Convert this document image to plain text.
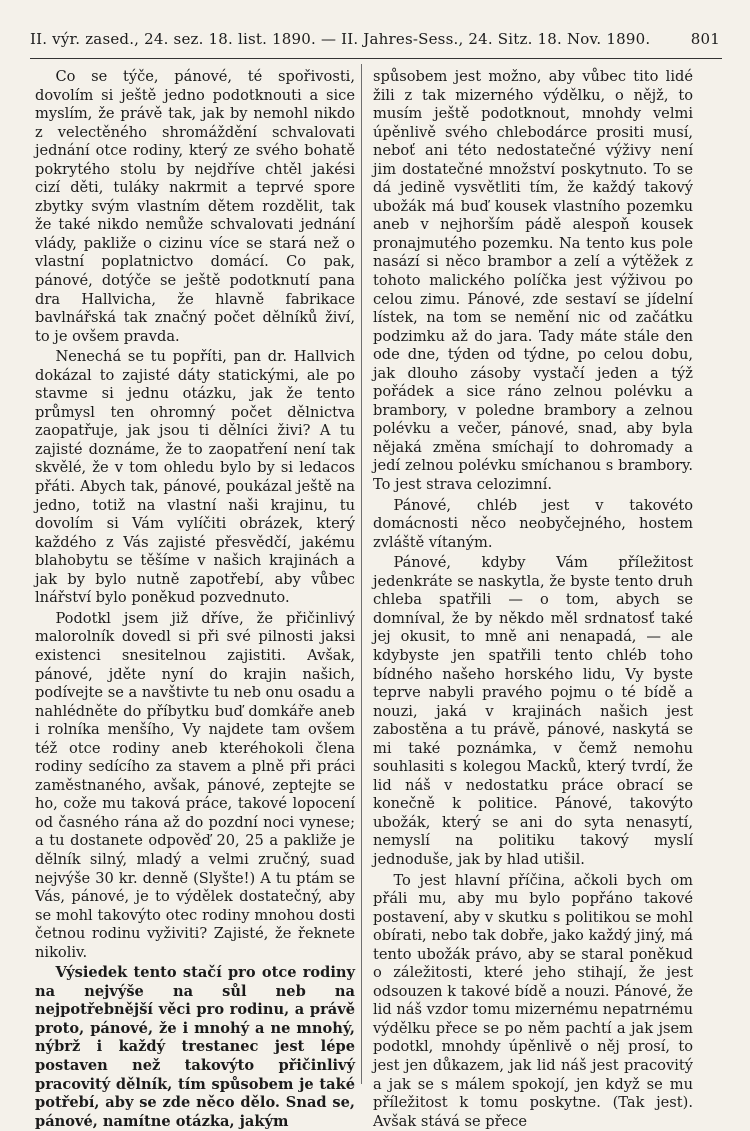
II. výr. zased., 24. sez. 18. list. 1890. — II. Jahres-Sess., 24. Sitz. 18. Nov. 1890.	801

Co se týče, pánové, té spořivosti, dovolím si ještě jedno podotknouti a sice myslím, že právě tak, jak by nemohl nikdo z velectěného shromáždění schvalovati jednání otce rodiny, který ze svého bohatě pokrytého stolu by nejdříve chtěl jakési cizí děti, tuláky nakrmit a teprvé spore zbytky svým vlastním dětem rozdělit, tak že také nikdo nemůže schvalovati jednání vlády, pakliže o cizinu více se stará než o vlastní poplatnictvo domácí. Co pak, pánové, dotýče se ještě podotknutí pana dra Hallvicha, že hlavně fabrikace bavlnářská tak značný počet dělníků živí, to je ovšem pravda.

Nenechá se tu popříti, pan dr. Hallvich dokázal to zajisté dáty statickými, ale po stavme si jednu otázku, jak že tento průmysl ten ohromný počet dělnictva zaopatřuje, jak jsou ti dělníci živi? A tu zajisté doznáme, že to zaopatření není tak skvělé, že v tom ohledu bylo by si ledacos přáti. Abych tak, pánové, poukázal ještě na jedno, totiž na vlastní naši krajinu, tu dovolím si Vám vylíčiti obrázek, který každého z Vás zajisté přesvědčí, jakému blahobytu se těšíme v našich krajinách a jak by bylo nutně zapotřebí, aby vůbec lnářství bylo poněkud pozvednuto.

Podotkl jsem již dříve, že přičinlivý malorolník dovedl si při své pilnosti jaksi existenci snesitelnou zajistiti. Avšak, pánové, jděte nyní do krajin našich, podívejte se a navštivte tu neb onu osadu a nahlédněte do příbytku buď domkáře aneb i rolníka menšího, Vy najdete tam ovšem též otce rodiny aneb kteréhokoli člena rodiny sedícího za stavem a plně při práci zaměstnaného, avšak, pánové, zeptejte se ho, cože mu taková práce, takové lopocení od časného rána až do pozdní noci vynese; a tu dostanete odpověď 20, 25 a pakliže je dělník silný, mladý a velmi zručný, suad nejvýše 30 kr. denně (Slyšte!) A tu ptám se Vás, pánové, je to výdělek dostatečný, aby se mohl takovýto otec rodiny mnohou dosti četnou rodinu vyživiti? Zajisté, že řeknete nikoliv.

Výsiedek tento stačí pro otce rodiny na nejvýše na sůl neb na nejpotřebnější věci pro rodinu, a právě proto, pánové, že i mnohý a ne mnohý, nýbrž i každý trestanec jest lépe postaven než takovýto přičinlivý pracovitý dělník, tím spůsobem je také potřebí, aby se zde něco dělo. Snad se, pánové, namítne otázka, jakým

spůsobem jest možno, aby vůbec tito lidé žili z tak mizerného výdělku, o nějž, to musím ještě podotknout, mnohdy velmi úpěnlivě svého chlebodárce prositi musí, neboť ani této nedostatečné výživy není jim dostatečné množství poskytnuto. To se dá jedině vysvětliti tím, že každý takový ubožák má buď kousek vlastního pozemku aneb v nejhorším pádě alespoň kousek pronajmutého pozemku. Na tento kus pole nasází si něco brambor a zelí a výtěžek z tohoto malického políčka jest výživou po celou zimu. Pánové, zde sestaví se jídelní lístek, na tom se nemění nic od začátku podzimku až do jara. Tady máte stále den ode dne, týden od týdne, po celou dobu, jak dlouho zásoby vystačí jeden a týž pořádek a sice ráno zelnou polévku a brambory, v poledne brambory a zelnou polévku a večer, pánové, snad, aby byla nějaká změna smíchají to dohromady a jedí zelnou polévku smíchanou s brambory. To jest strava celozimní.

Pánové, chléb jest v takovéto domácnosti něco neobyčejného, hostem zvláště vítaným.

Pánové, kdyby Vám příležitost jedenkráte se naskytla, že byste tento druh chleba spatřili — o tom, abych se domníval, že by někdo měl srdnatosť také jej okusit, to mně ani nenapadá, — ale kdybyste jen spatřili tento chléb toho bídného našeho horského lidu, Vy byste teprve nabyli pravého pojmu o té bídě a nouzi, jaká v krajinách našich jest zabostěna a tu právě, pánové, naskytá se mi také poznámka, v čemž nemohu souhlasiti s kolegou Macků, který tvrdí, že lid náš v nedostatku práce obrací se konečně k politice. Pánové, takovýto ubožák, který se ani do syta nenasytí, nemyslí na politiku takový myslí jednoduše, jak by hlad utišil.

To jest hlavní příčina, ačkoli bych om přáli mu, aby mu bylo popřáno takové postavení, aby v skutku s politikou se mohl obírati, nebo tak dobře, jako každý jiný, má tento ubožák právo, aby se staral poněkud o záležitosti, které jeho stihají, že jest odsouzen k takové bídě a nouzi. Pánové, že lid náš vzdor tomu mizernému nepatrnému výdělku přece se po něm pachtí a jak jsem podotkl, mnohdy úpěnlivě o něj prosí, to jest jen důkazem, jak lid náš jest pracovitý a jak se s málem spokojí, jen když se mu příležitost k tomu poskytne. (Tak jest). Avšak stává se přece
